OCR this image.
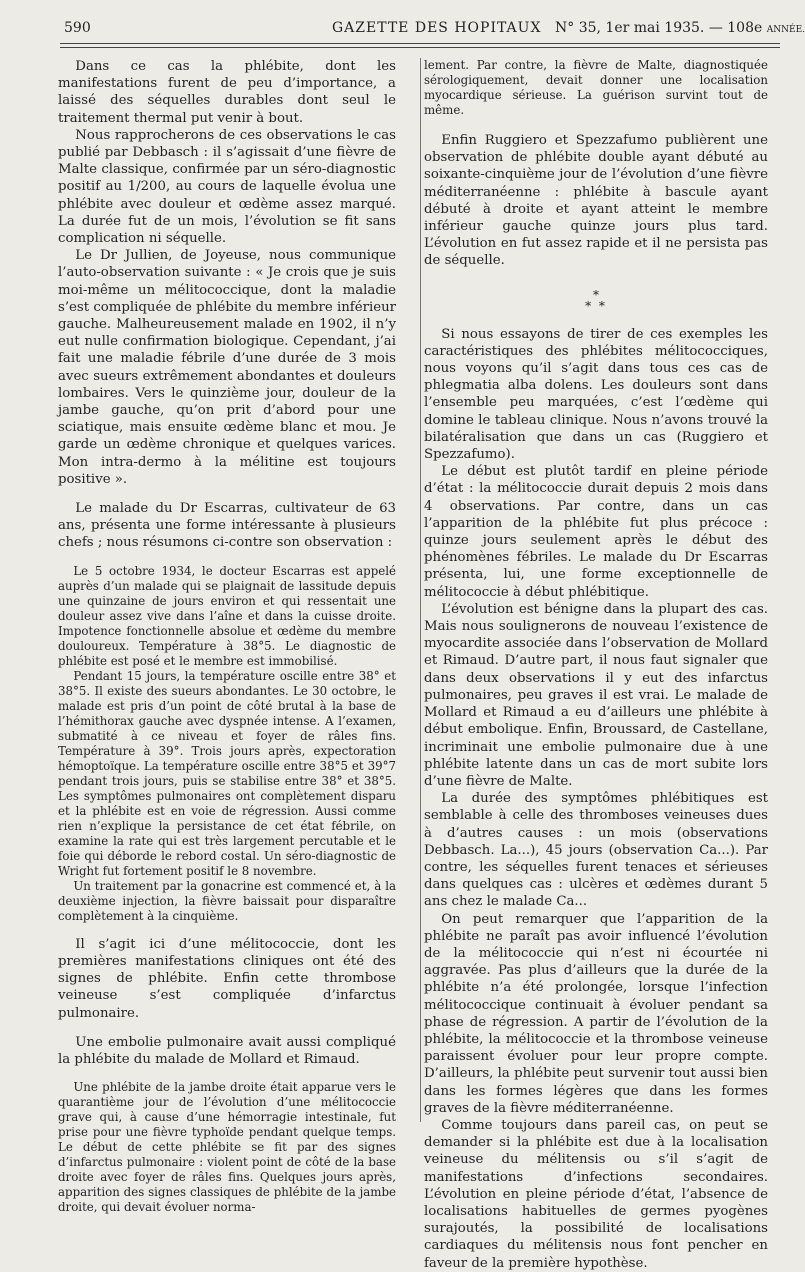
590	GAZETTE DES HOPITAUX N° 35, 1er mai 1935. — 108e ANNÉE.

Dans ce cas la phlébite, dont les manifestations furent de peu d’importance, a laissé des séquelles durables dont seul le traitement thermal put venir à bout.

Nous rapprocherons de ces observations le cas publié par Debbasch : il s’agissait d’une fièvre de Malte classique, confirmée par un séro-diagnostic positif au 1/200, au cours de laquelle évolua une phlébite avec douleur et œdème assez marqué. La durée fut de un mois, l’évolution se fit sans complication ni séquelle.

Le Dr Jullien, de Joyeuse, nous communique l’auto-observation suivante : « Je crois que je suis moi-même un mélitococcique, dont la maladie s’est compliquée de phlébite du membre inférieur gauche. Malheureusement malade en 1902, il n’y eut nulle confirmation biologique. Cependant, j’ai fait une maladie fébrile d’une durée de 3 mois avec sueurs extrêmement abondantes et douleurs lombaires. Vers le quinzième jour, douleur de la jambe gauche, qu’on prit d’abord pour une sciatique, mais ensuite œdème blanc et mou. Je garde un œdème chronique et quelques varices. Mon intra-dermo à la mélitine est toujours positive ».

Le malade du Dr Escarras, cultivateur de 63 ans, présenta une forme intéressante à plusieurs chefs ; nous résumons ci-contre son observation :

Le 5 octobre 1934, le docteur Escarras est appelé auprès d’un malade qui se plaignait de lassitude depuis une quinzaine de jours environ et qui ressentait une douleur assez vive dans l’aîne et dans la cuisse droite. Impotence fonctionnelle absolue et œdème du membre douloureux. Température à 38°5. Le diagnostic de phlébite est posé et le membre est immobilisé.

Pendant 15 jours, la température oscille entre 38° et 38°5. Il existe des sueurs abondantes. Le 30 octobre, le malade est pris d’un point de côté brutal à la base de l’hémithorax gauche avec dyspnée intense. A l’examen, submatité à ce niveau et foyer de râles fins. Température à 39°. Trois jours après, expectoration hémoptoïque. La température oscille entre 38°5 et 39°7 pendant trois jours, puis se stabilise entre 38° et 38°5. Les symptômes pulmonaires ont complètement disparu et la phlébite est en voie de régression. Aussi comme rien n’explique la persistance de cet état fébrile, on examine la rate qui est très largement percutable et le foie qui déborde le rebord costal. Un séro-diagnostic de Wright fut fortement positif le 8 novembre.

Un traitement par la gonacrine est commencé et, à la deuxième injection, la fièvre baissait pour disparaître complètement à la cinquième.

Il s’agit ici d’une mélitococcie, dont les premières manifestations cliniques ont été des signes de phlébite. Enfin cette thrombose veineuse s’est compliquée d’infarctus pulmonaire.

Une embolie pulmonaire avait aussi compliqué la phlébite du malade de Mollard et Rimaud.

Une phlébite de la jambe droite était apparue vers le quarantième jour de l’évolution d’une mélitococcie grave qui, à cause d’une hémorragie intestinale, fut prise pour une fièvre typhoïde pendant quelque temps. Le début de cette phlébite se fit par des signes d’infarctus pulmonaire : violent point de côté de la base droite avec foyer de râles fins. Quelques jours après, apparition des signes classiques de phlébite de la jambe droite, qui devait évoluer norma-

lement. Par contre, la fièvre de Malte, diagnostiquée sérologiquement, devait donner une localisation myocardique sérieuse. La guérison survint tout de même.

Enfin Ruggiero et Spezzafumo publièrent une observation de phlébite double ayant débuté au soixante-cinquième jour de l’évolution d’une fièvre méditerranéenne : phlébite à bascule ayant débuté à droite et ayant atteint le membre inférieur gauche quinze jours plus tard. L’évolution en fut assez rapide et il ne persista pas de séquelle.

*
* *

Si nous essayons de tirer de ces exemples les caractéristiques des phlébites mélitococciques, nous voyons qu’il s’agit dans tous ces cas de phlegmatia alba dolens. Les douleurs sont dans l’ensemble peu marquées, c’est l’œdème qui domine le tableau clinique. Nous n’avons trouvé la bilatéralisation que dans un cas (Ruggiero et Spezzafumo).

Le début est plutôt tardif en pleine période d’état : la mélitococcie durait depuis 2 mois dans 4 observations. Par contre, dans un cas l’apparition de la phlébite fut plus précoce : quinze jours seulement après le début des phénomènes fébriles. Le malade du Dr Escarras présenta, lui, une forme exceptionnelle de mélitococcie à début phlébitique.

L’évolution est bénigne dans la plupart des cas. Mais nous soulignerons de nouveau l’existence de myocardite associée dans l’observation de Mollard et Rimaud. D’autre part, il nous faut signaler que dans deux observations il y eut des infarctus pulmonaires, peu graves il est vrai. Le malade de Mollard et Rimaud a eu d’ailleurs une phlébite à début embolique. Enfin, Broussard, de Castellane, incriminait une embolie pulmonaire due à une phlébite latente dans un cas de mort subite lors d’une fièvre de Malte.

La durée des symptômes phlébitiques est semblable à celle des thromboses veineuses dues à d’autres causes : un mois (observations Debbasch. La...), 45 jours (observation Ca...). Par contre, les séquelles furent tenaces et sérieuses dans quelques cas : ulcères et œdèmes durant 5 ans chez le malade Ca...

On peut remarquer que l’apparition de la phlébite ne paraît pas avoir influencé l’évolution de la mélitococcie qui n’est ni écourtée ni aggravée. Pas plus d’ailleurs que la durée de la phlébite n’a été prolongée, lorsque l’infection mélitococcique continuait à évoluer pendant sa phase de régression. A partir de l’évolution de la phlébite, la mélitococcie et la thrombose veineuse paraissent évoluer pour leur propre compte. D’ailleurs, la phlébite peut survenir tout aussi bien dans les formes légères que dans les formes graves de la fièvre méditerranéenne.

Comme toujours dans pareil cas, on peut se demander si la phlébite est due à la localisation veineuse du mélitensis ou s’il s’agit de manifestations d’infections secondaires. L’évolution en pleine période d’état, l’absence de localisations habituelles de germes pyogènes surajoutés, la possibilité de localisations cardiaques du mélitensis nous font pencher en faveur de la première hypothèse.
